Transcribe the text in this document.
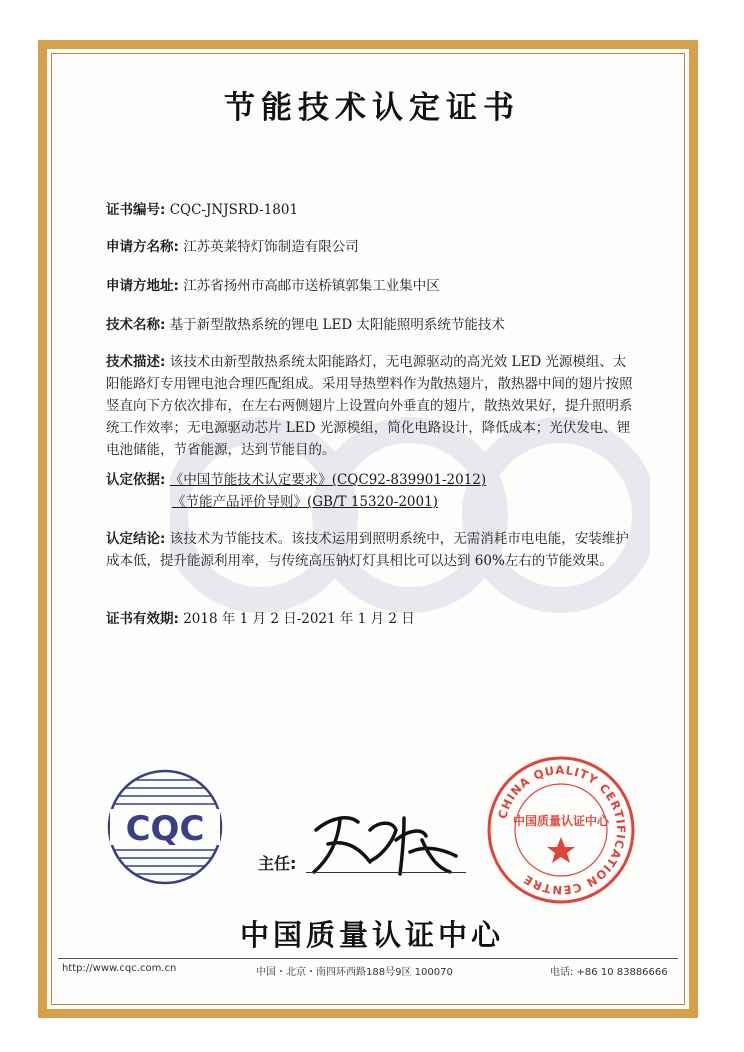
节能技术认定证书
证书编号: CQC-JNJSRD-1801
申请方名称: 江苏英莱特灯饰制造有限公司
申请方地址: 江苏省扬州市高邮市送桥镇郭集工业集中区
技术名称: 基于新型散热系统的锂电 LED 太阳能照明系统节能技术
技术描述: 该技术由新型散热系统太阳能路灯，无电源驱动的高光效 LED 光源模组、太阳能路灯专用锂电池合理匹配组成。采用导热塑料作为散热翅片，散热器中间的翅片按照竖直向下方依次排布，在左右两侧翅片上设置向外垂直的翅片，散热效果好，提升照明系统工作效率；无电源驱动芯片 LED 光源模组，简化电路设计，降低成本；光伏发电、锂电池储能，节省能源，达到节能目的。
认定依据: 《中国节能技术认定要求》(CQC92-839901-2012)
《节能产品评价导则》(GB/T 15320-2001)
认定结论: 该技术为节能技术。该技术运用到照明系统中，无需消耗市电电能，安装维护成本低，提升能源利用率，与传统高压钠灯灯具相比可以达到 60%左右的节能效果。
证书有效期: 2018 年 1 月 2 日-2021 年 1 月 2 日
CQC
主任:
CHINA QUALITY CERTIFICATION CENTRE
中国质量认证中心
中国质量认证中心
http://www.cqc.com.cn	中国・北京・南四环西路188号9区 100070	电话: +86 10 83886666
